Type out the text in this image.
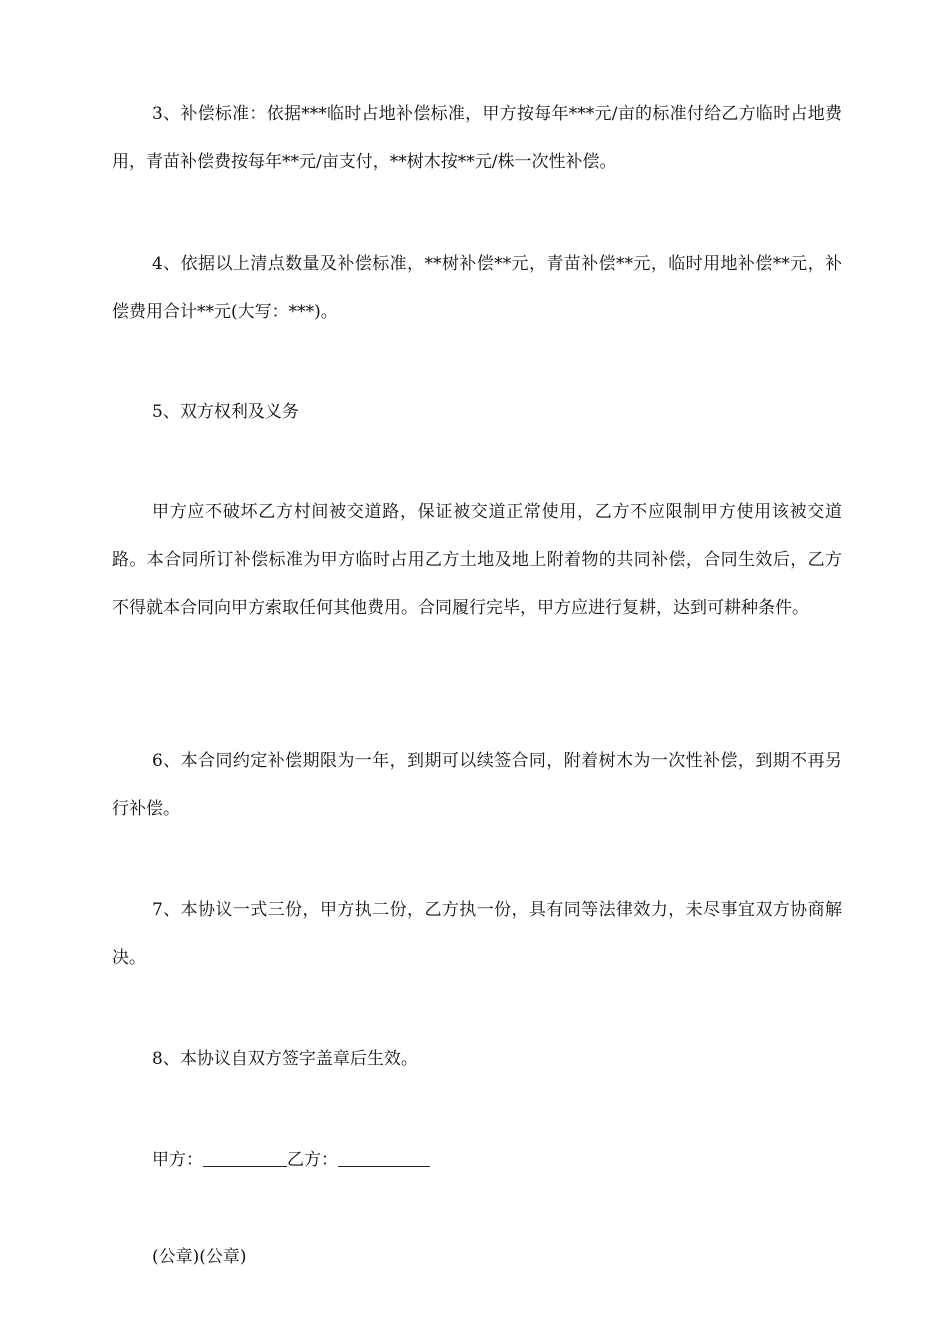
3、补偿标准：依据***临时占地补偿标准，甲方按每年***元/亩的标准付给乙方临时占地费用，青苗补偿费按每年**元/亩支付，**树木按**元/株一次性补偿。

4、依据以上清点数量及补偿标准，**树补偿**元，青苗补偿**元，临时用地补偿**元，补偿费用合计**元(大写：***)。

5、双方权利及义务

甲方应不破坏乙方村间被交道路，保证被交道正常使用，乙方不应限制甲方使用该被交道路。本合同所订补偿标准为甲方临时占用乙方土地及地上附着物的共同补偿，合同生效后，乙方不得就本合同向甲方索取任何其他费用。合同履行完毕，甲方应进行复耕，达到可耕种条件。

6、本合同约定补偿期限为一年，到期可以续签合同，附着树木为一次性补偿，到期不再另行补偿。

7、本协议一式三份，甲方执二份，乙方执一份，具有同等法律效力，未尽事宜双方协商解决。

8、本协议自双方签字盖章后生效。

甲方：	乙方：

(公章)(公章)
